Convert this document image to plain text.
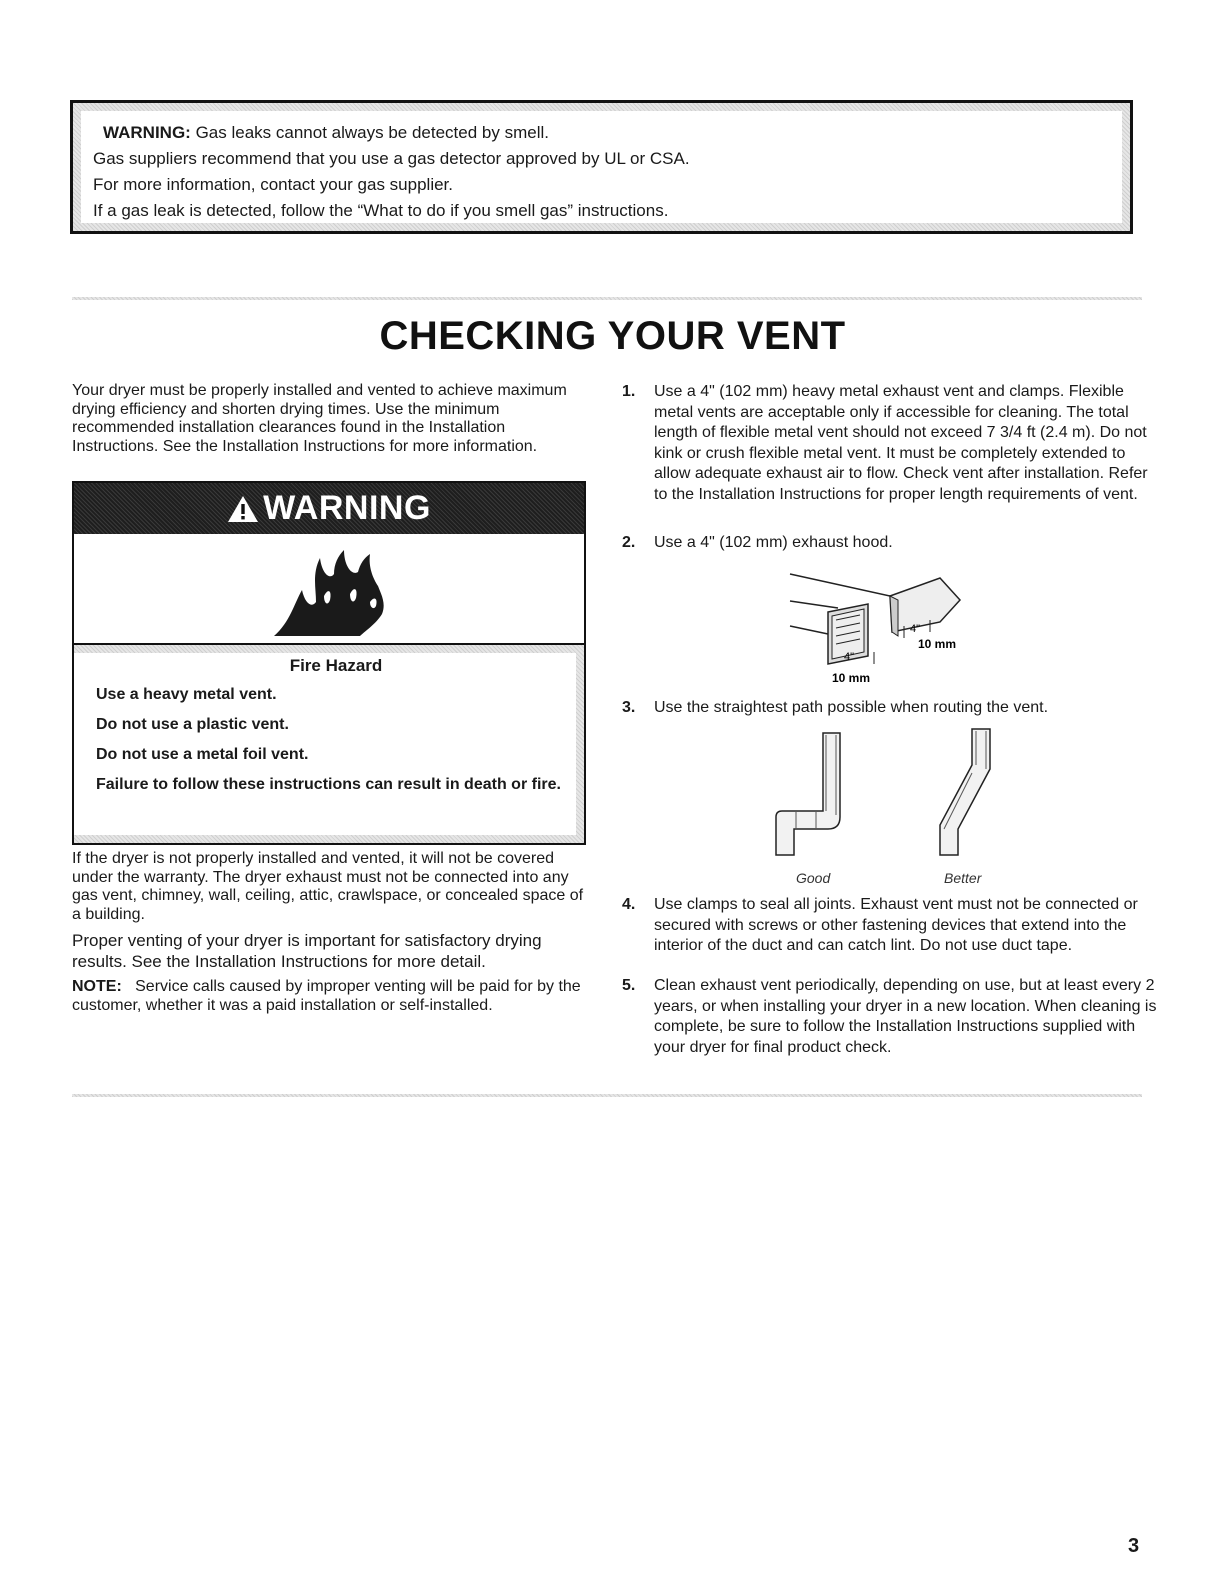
WARNING: Gas leaks cannot always be detected by smell.

Gas suppliers recommend that you use a gas detector approved by UL or CSA.

For more information, contact your gas supplier.

If a gas leak is detected, follow the “What to do if you smell gas” instructions.

CHECKING YOUR VENT

Your dryer must be properly installed and vented to achieve maximum drying efficiency and shorten drying times. Use the minimum recommended installation clearances found in the Installation Instructions. See the Installation Instructions for more information.

WARNING

Fire Hazard

Use a heavy metal vent.

Do not use a plastic vent.

Do not use a metal foil vent.

Failure to follow these instructions can result in death or fire.

If the dryer is not properly installed and vented, it will not be covered under the warranty. The dryer exhaust must not be connected into any gas vent, chimney, wall, ceiling, attic, crawlspace, or concealed space of a building.

Proper venting of your dryer is important for satisfactory drying results. See the Installation Instructions for more detail.

NOTE: Service calls caused by improper venting will be paid for by the customer, whether it was a paid installation or self-installed.

1. Use a 4" (102 mm) heavy metal exhaust vent and clamps. Flexible metal vents are acceptable only if accessible for cleaning. The total length of flexible metal vent should not exceed 7 3/4 ft (2.4 m). Do not kink or crush flexible metal vent. It must be completely extended to allow adequate exhaust air to flow. Check vent after installation. Refer to the Installation Instructions for proper length requirements of vent.
2. Use a 4" (102 mm) exhaust hood.
4"
10 mm
4"
10 mm
3. Use the straightest path possible when routing the vent.
Good	Better
4. Use clamps to seal all joints. Exhaust vent must not be connected or secured with screws or other fastening devices that extend into the interior of the duct and can catch lint. Do not use duct tape.
5. Clean exhaust vent periodically, depending on use, but at least every 2 years, or when installing your dryer in a new location. When cleaning is complete, be sure to follow the Installation Instructions supplied with your dryer for final product check.
3
